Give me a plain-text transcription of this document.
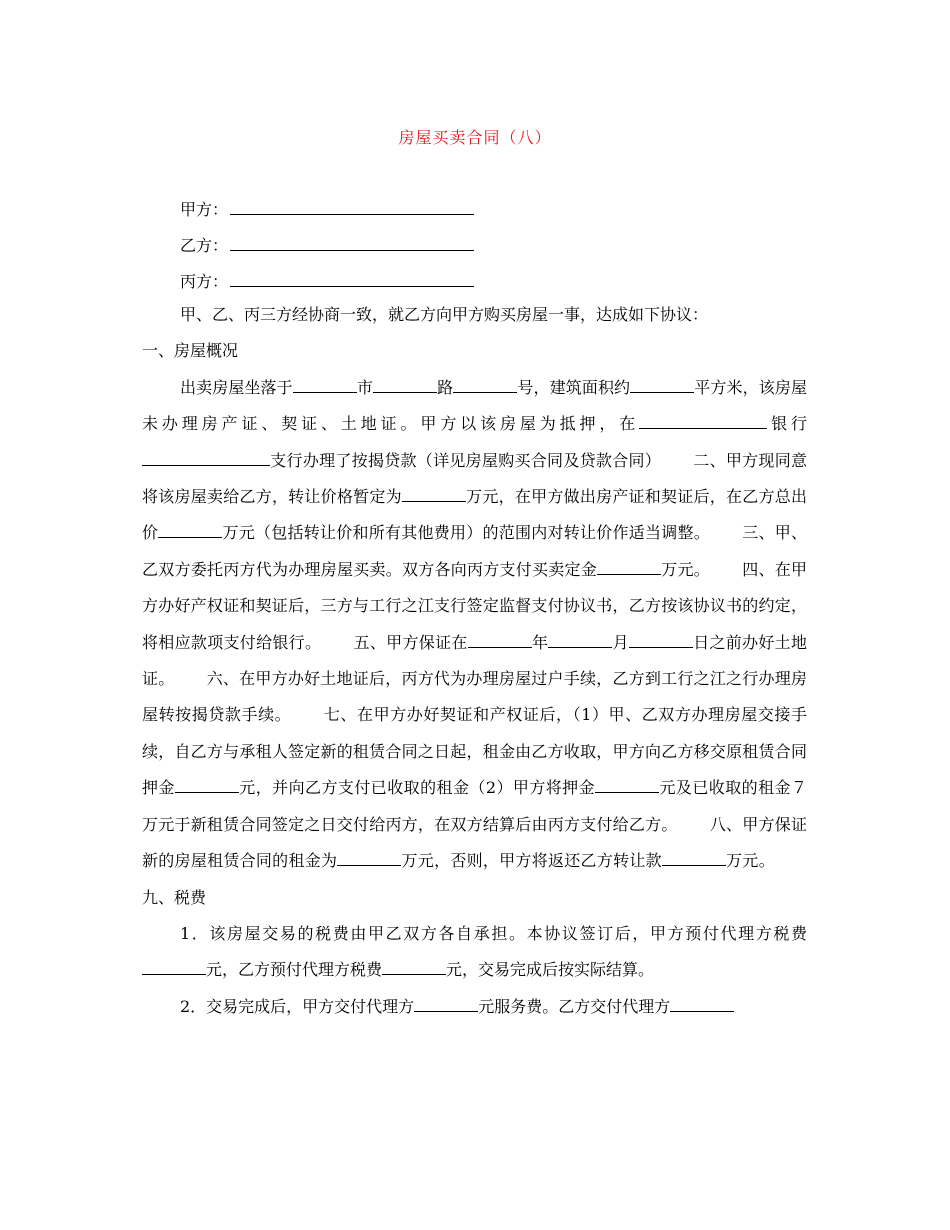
房屋买卖合同（八）
甲方：
乙方：
丙方：

甲、乙、丙三方经协商一致，就乙方向甲方购买房屋一事，达成如下协议：

一、房屋概况

出卖房屋坐落于	市	路	号，建筑面积约	平方米，该房屋未办理房产证、契证、土地证。甲方以该房屋为抵押，在	银行支行办理了按揭贷款（详见房屋购买合同及贷款合同） 二、甲方现同意将该房屋卖给乙方，转让价格暂定为	万元，在甲方做出房产证和契证后，在乙方总出价	万元（包括转让价和所有其他费用）的范围内对转让价作适当调整。 三、甲、乙双方委托丙方代为办理房屋买卖。双方各向丙方支付买卖定金	万元。 四、在甲方办好产权证和契证后，三方与工行之江支行签定监督支付协议书，乙方按该协议书的约定，将相应款项支付给银行。 五、甲方保证在	年	月	日之前办好土地证。 六、在甲方办好土地证后，丙方代为办理房屋过户手续，乙方到工行之江之行办理房屋转按揭贷款手续。 七、在甲方办好契证和产权证后，（1）甲、乙双方办理房屋交接手续，自乙方与承租人签定新的租赁合同之日起，租金由乙方收取，甲方向乙方移交原租赁合同押金	元，并向乙方支付已收取的租金（2）甲方将押金	元及已收取的租金７万元于新租赁合同签定之日交付给丙方，在双方结算后由丙方支付给乙方。 八、甲方保证新的房屋租赁合同的租金为	万元，否则，甲方将返还乙方转让款	万元。九、税费

1．该房屋交易的税费由甲乙双方各自承担。本协议签订后，甲方预付代理方税费元，乙方预付代理方税费	元，交易完成后按实际结算。

2．交易完成后，甲方交付代理方	元服务费。乙方交付代理方
